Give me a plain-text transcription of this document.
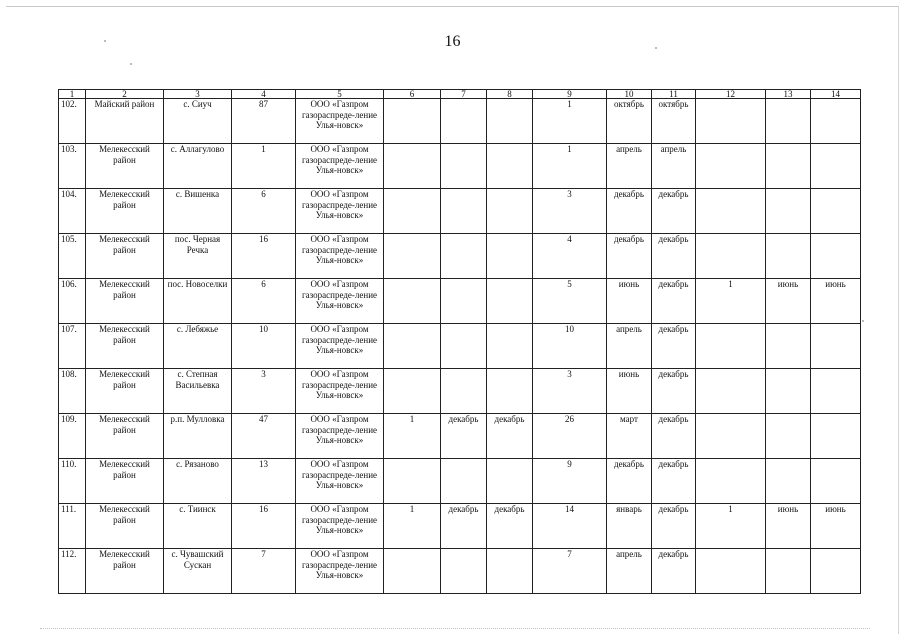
16
1	2	3	4	5	6	7	8	9	10	11	12	13	14
102.	Майский район	с. Сиуч	87	ООО «Газпром газораспреде-ление Улья-новск»				1	октябрь	октябрь			
103.	Мелекесский район	с. Аллагулово	1	ООО «Газпром газораспреде-ление Улья-новск»				1	апрель	апрель			
104.	Мелекесский район	с. Вишенка	6	ООО «Газпром газораспреде-ление Улья-новск»				3	декабрь	декабрь			
105.	Мелекесский район	пос. Черная Речка	16	ООО «Газпром газораспреде-ление Улья-новск»				4	декабрь	декабрь			
106.	Мелекесский район	пос. Новоселки	6	ООО «Газпром газораспреде-ление Улья-новск»				5	июнь	декабрь	1	июнь	июнь
107.	Мелекесский район	с. Лебяжье	10	ООО «Газпром газораспреде-ление Улья-новск»				10	апрель	декабрь			
108.	Мелекесский район	с. Степная Васильевка	3	ООО «Газпром газораспреде-ление Улья-новск»				3	июнь	декабрь			
109.	Мелекесский район	р.п. Мулловка	47	ООО «Газпром газораспреде-ление Улья-новск»	1	декабрь	декабрь	26	март	декабрь			
110.	Мелекесский район	с. Рязаново	13	ООО «Газпром газораспреде-ление Улья-новск»				9	декабрь	декабрь			
111.	Мелекесский район	с. Тиинск	16	ООО «Газпром газораспреде-ление Улья-новск»	1	декабрь	декабрь	14	январь	декабрь	1	июнь	июнь
112.	Мелекесский район	с. Чувашский Сускан	7	ООО «Газпром газораспреде-ление Улья-новск»				7	апрель	декабрь			
